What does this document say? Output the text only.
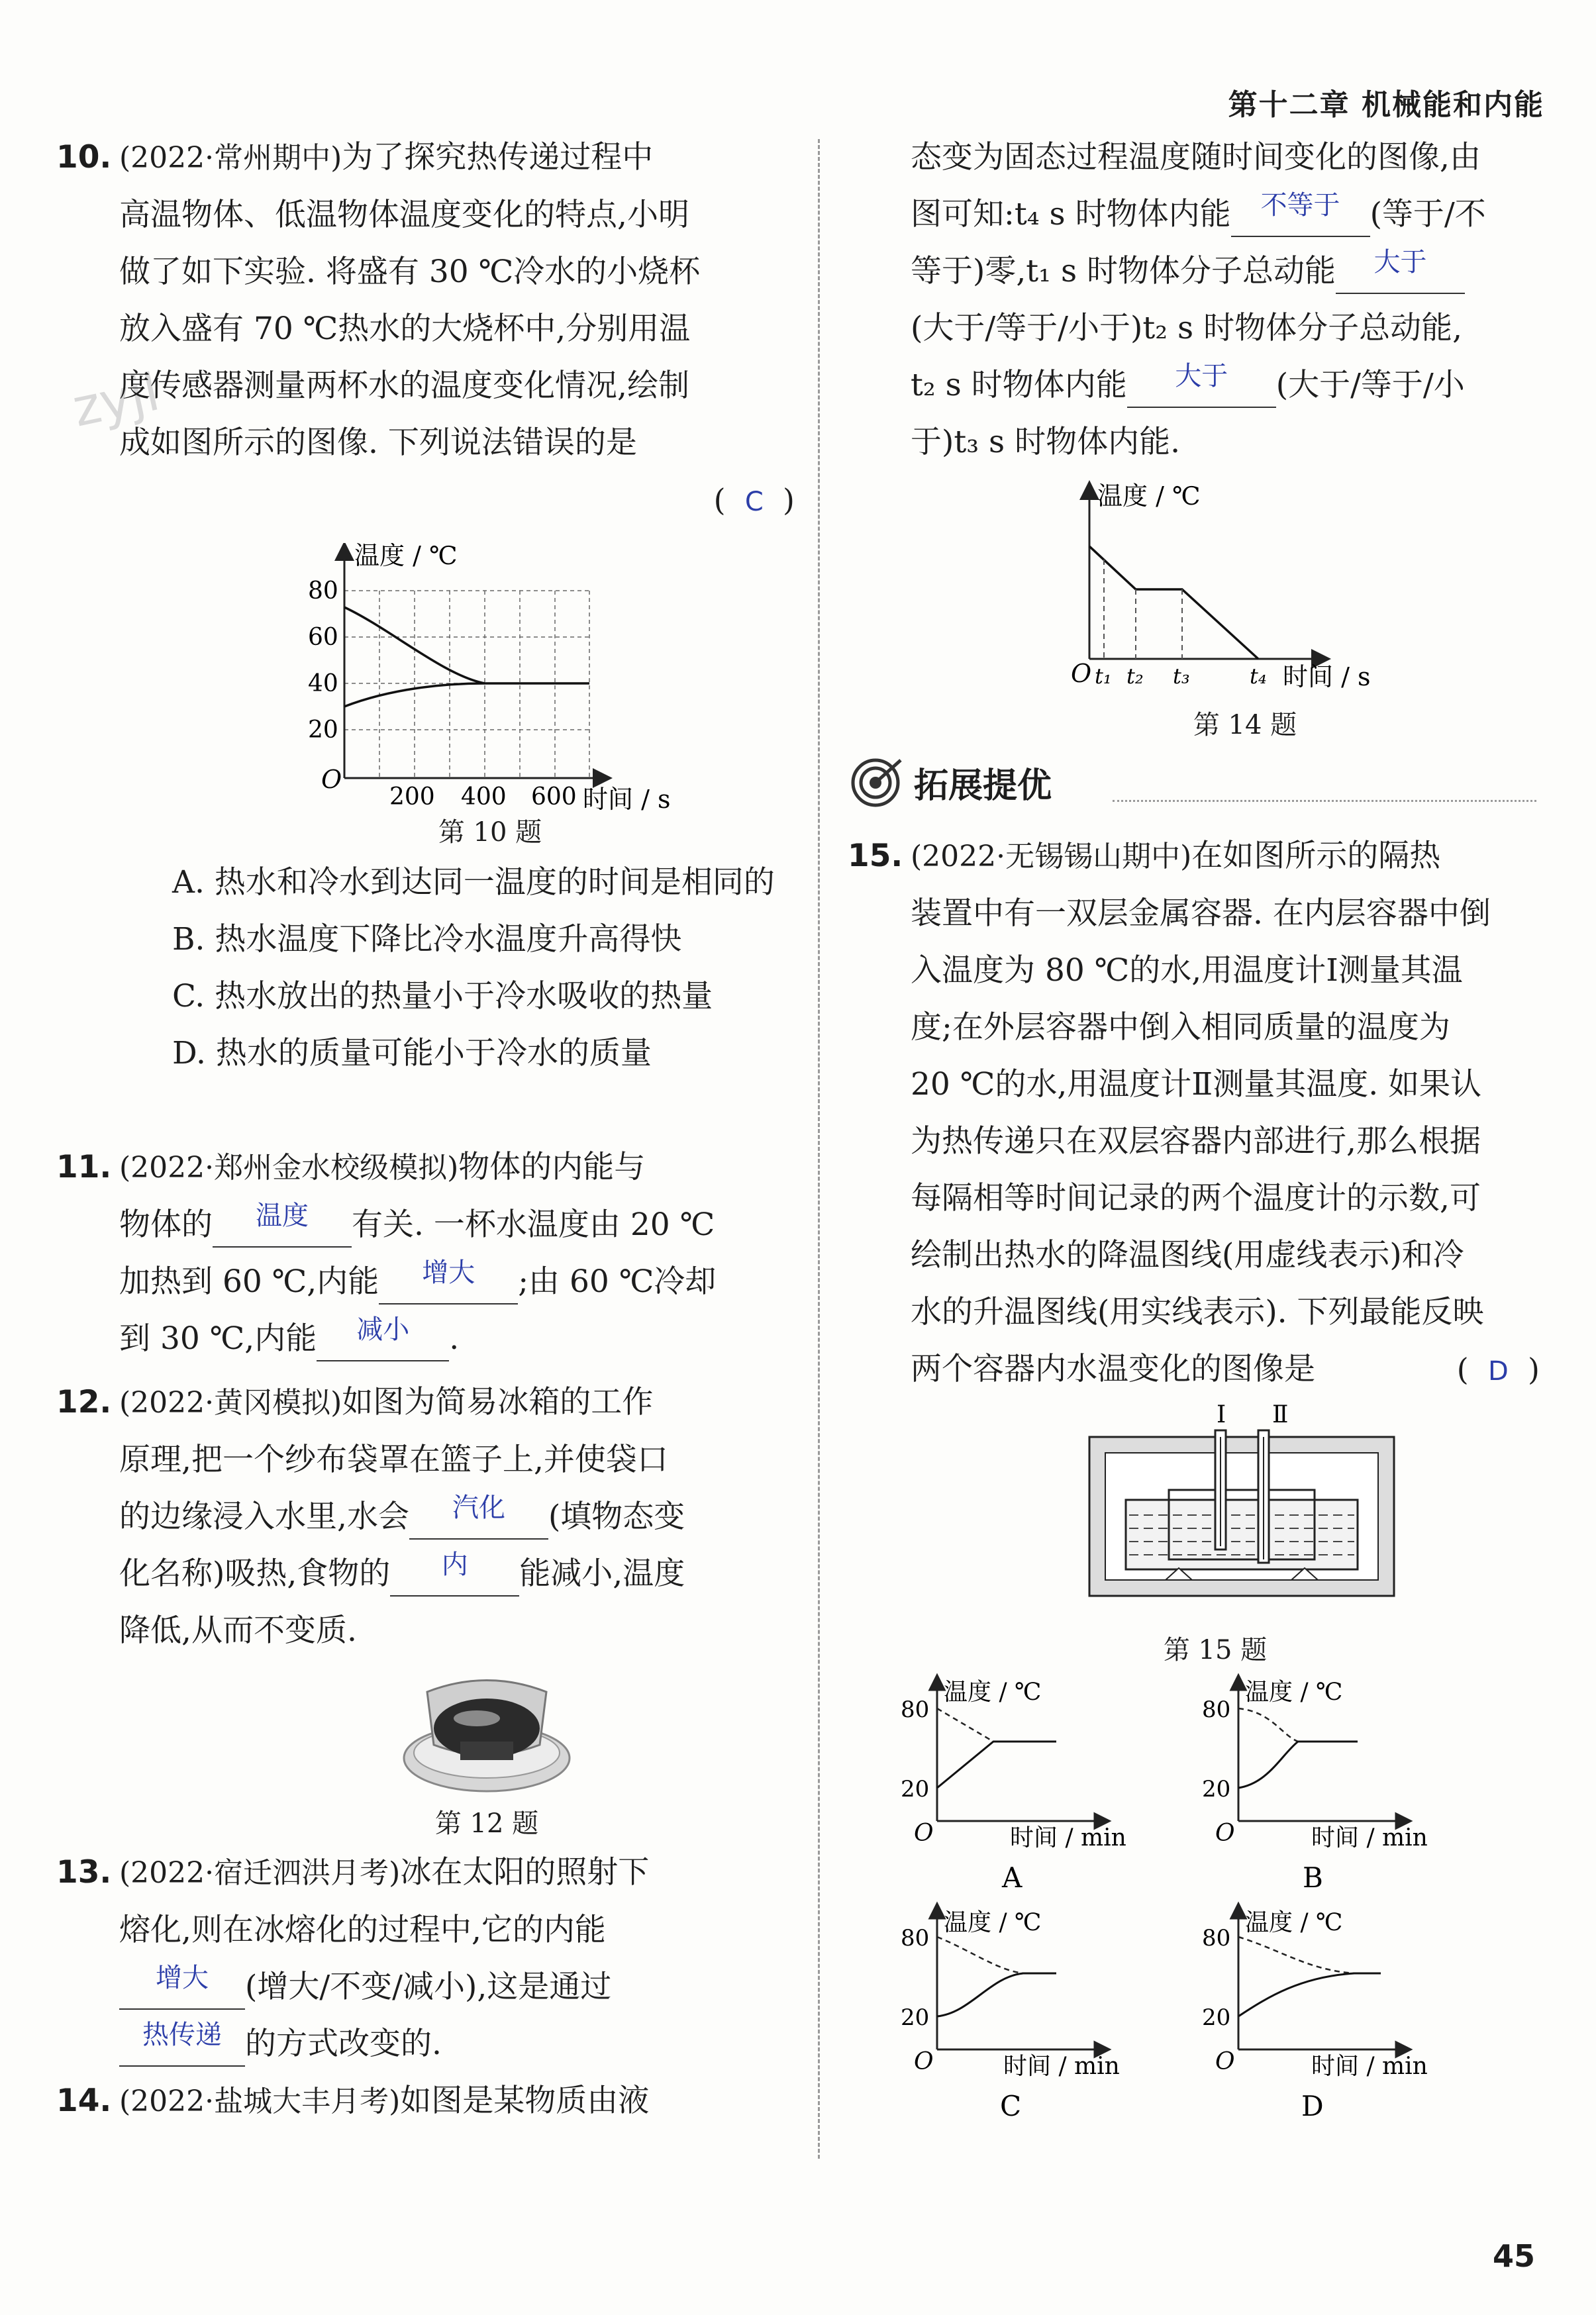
第十二章 机械能和内能
zyjl

10. (2022·常州期中)为了探究热传递过程中

高温物体、低温物体温度变化的特点,小明

做了如下实验. 将盛有 30 ℃冷水的小烧杯

放入盛有 70 ℃热水的大烧杯中,分别用温

度传感器测量两杯水的温度变化情况,绘制

成如图所示的图像. 下列说法错误的是

(  C  )

温度 / ℃
80
60
40
20
O
200 400 600 时间 / s
第 10 题

A. 热水和冷水到达同一温度的时间是相同的

B. 热水温度下降比冷水温度升高得快

C. 热水放出的热量小于冷水吸收的热量

D. 热水的质量可能小于冷水的质量

11. (2022·郑州金水校级模拟)物体的内能与

物体的 温度 有关. 一杯水温度由 20 ℃

加热到 60 ℃,内能 增大 ;由 60 ℃冷却

到 30 ℃,内能 减小 .

12. (2022·黄冈模拟)如图为简易冰箱的工作

原理,把一个纱布袋罩在篮子上,并使袋口

的边缘浸入水里,水会 汽化 (填物态变

化名称)吸热,食物的 内 能减小,温度

降低,从而不变质.

第 12 题

13. (2022·宿迁泗洪月考)冰在太阳的照射下

熔化,则在冰熔化的过程中,它的内能

增大 (增大/不变/减小),这是通过

热传递 的方式改变的.

14. (2022·盐城大丰月考)如图是某物质由液

态变为固态过程温度随时间变化的图像,由

图可知:t₄ s 时物体内能 不等于 (等于/不

等于)零,t₁ s 时物体分子总动能 大于

(大于/等于/小于)t₂ s 时物体分子总动能,

t₂ s 时物体内能 大于 (大于/等于/小

于)t₃ s 时物体内能.

温度 / ℃
O t₁ t₂ t₃	t₄ 时间 / s
第 14 题
拓展提优

15. (2022·无锡锡山期中)在如图所示的隔热

装置中有一双层金属容器. 在内层容器中倒

入温度为 80 ℃的水,用温度计Ⅰ测量其温

度;在外层容器中倒入相同质量的温度为

20 ℃的水,用温度计Ⅱ测量其温度. 如果认

为热传递只在双层容器内部进行,那么根据

每隔相等时间记录的两个温度计的示数,可

绘制出热水的降温图线(用虚线表示)和冷

水的升温图线(用实线表示). 下列最能反映

两个容器内水温变化的图像是	(  D  )

Ⅰ Ⅱ
第 15 题
温度 / ℃
80
20
O	时间 / min
A
温度 / ℃
80
20
O	时间 / min
B
温度 / ℃
80
20
O	时间 / min
C
温度 / ℃
80
20
O	时间 / min
D
45
